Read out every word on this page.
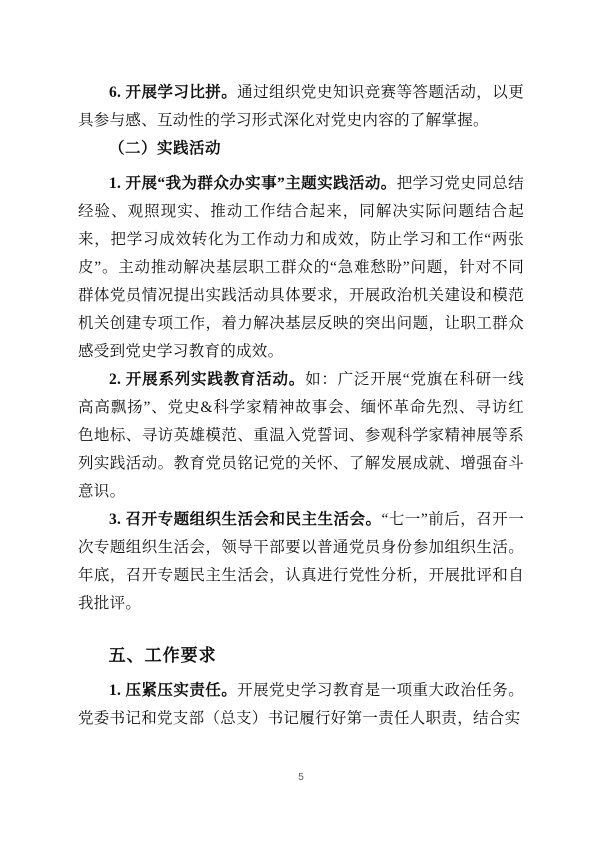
6. 开展学习比拼。通过组织党史知识竞赛等答题活动，以更具参与感、互动性的学习形式深化对党史内容的了解掌握。

（二）实践活动

1. 开展“我为群众办实事”主题实践活动。把学习党史同总结经验、观照现实、推动工作结合起来，同解决实际问题结合起来，把学习成效转化为工作动力和成效，防止学习和工作“两张皮”。主动推动解决基层职工群众的“急难愁盼”问题，针对不同群体党员情况提出实践活动具体要求，开展政治机关建设和模范机关创建专项工作，着力解决基层反映的突出问题，让职工群众感受到党史学习教育的成效。

2. 开展系列实践教育活动。如：广泛开展“党旗在科研一线高高飘扬”、党史&科学家精神故事会、缅怀革命先烈、寻访红色地标、寻访英雄模范、重温入党誓词、参观科学家精神展等系列实践活动。教育党员铭记党的关怀、了解发展成就、增强奋斗意识。

3. 召开专题组织生活会和民主生活会。“七一”前后，召开一次专题组织生活会，领导干部要以普通党员身份参加组织生活。年底，召开专题民主生活会，认真进行党性分析，开展批评和自我批评。

五、工作要求

1. 压紧压实责任。开展党史学习教育是一项重大政治任务。党委书记和党支部（总支）书记履行好第一责任人职责，结合实

5
